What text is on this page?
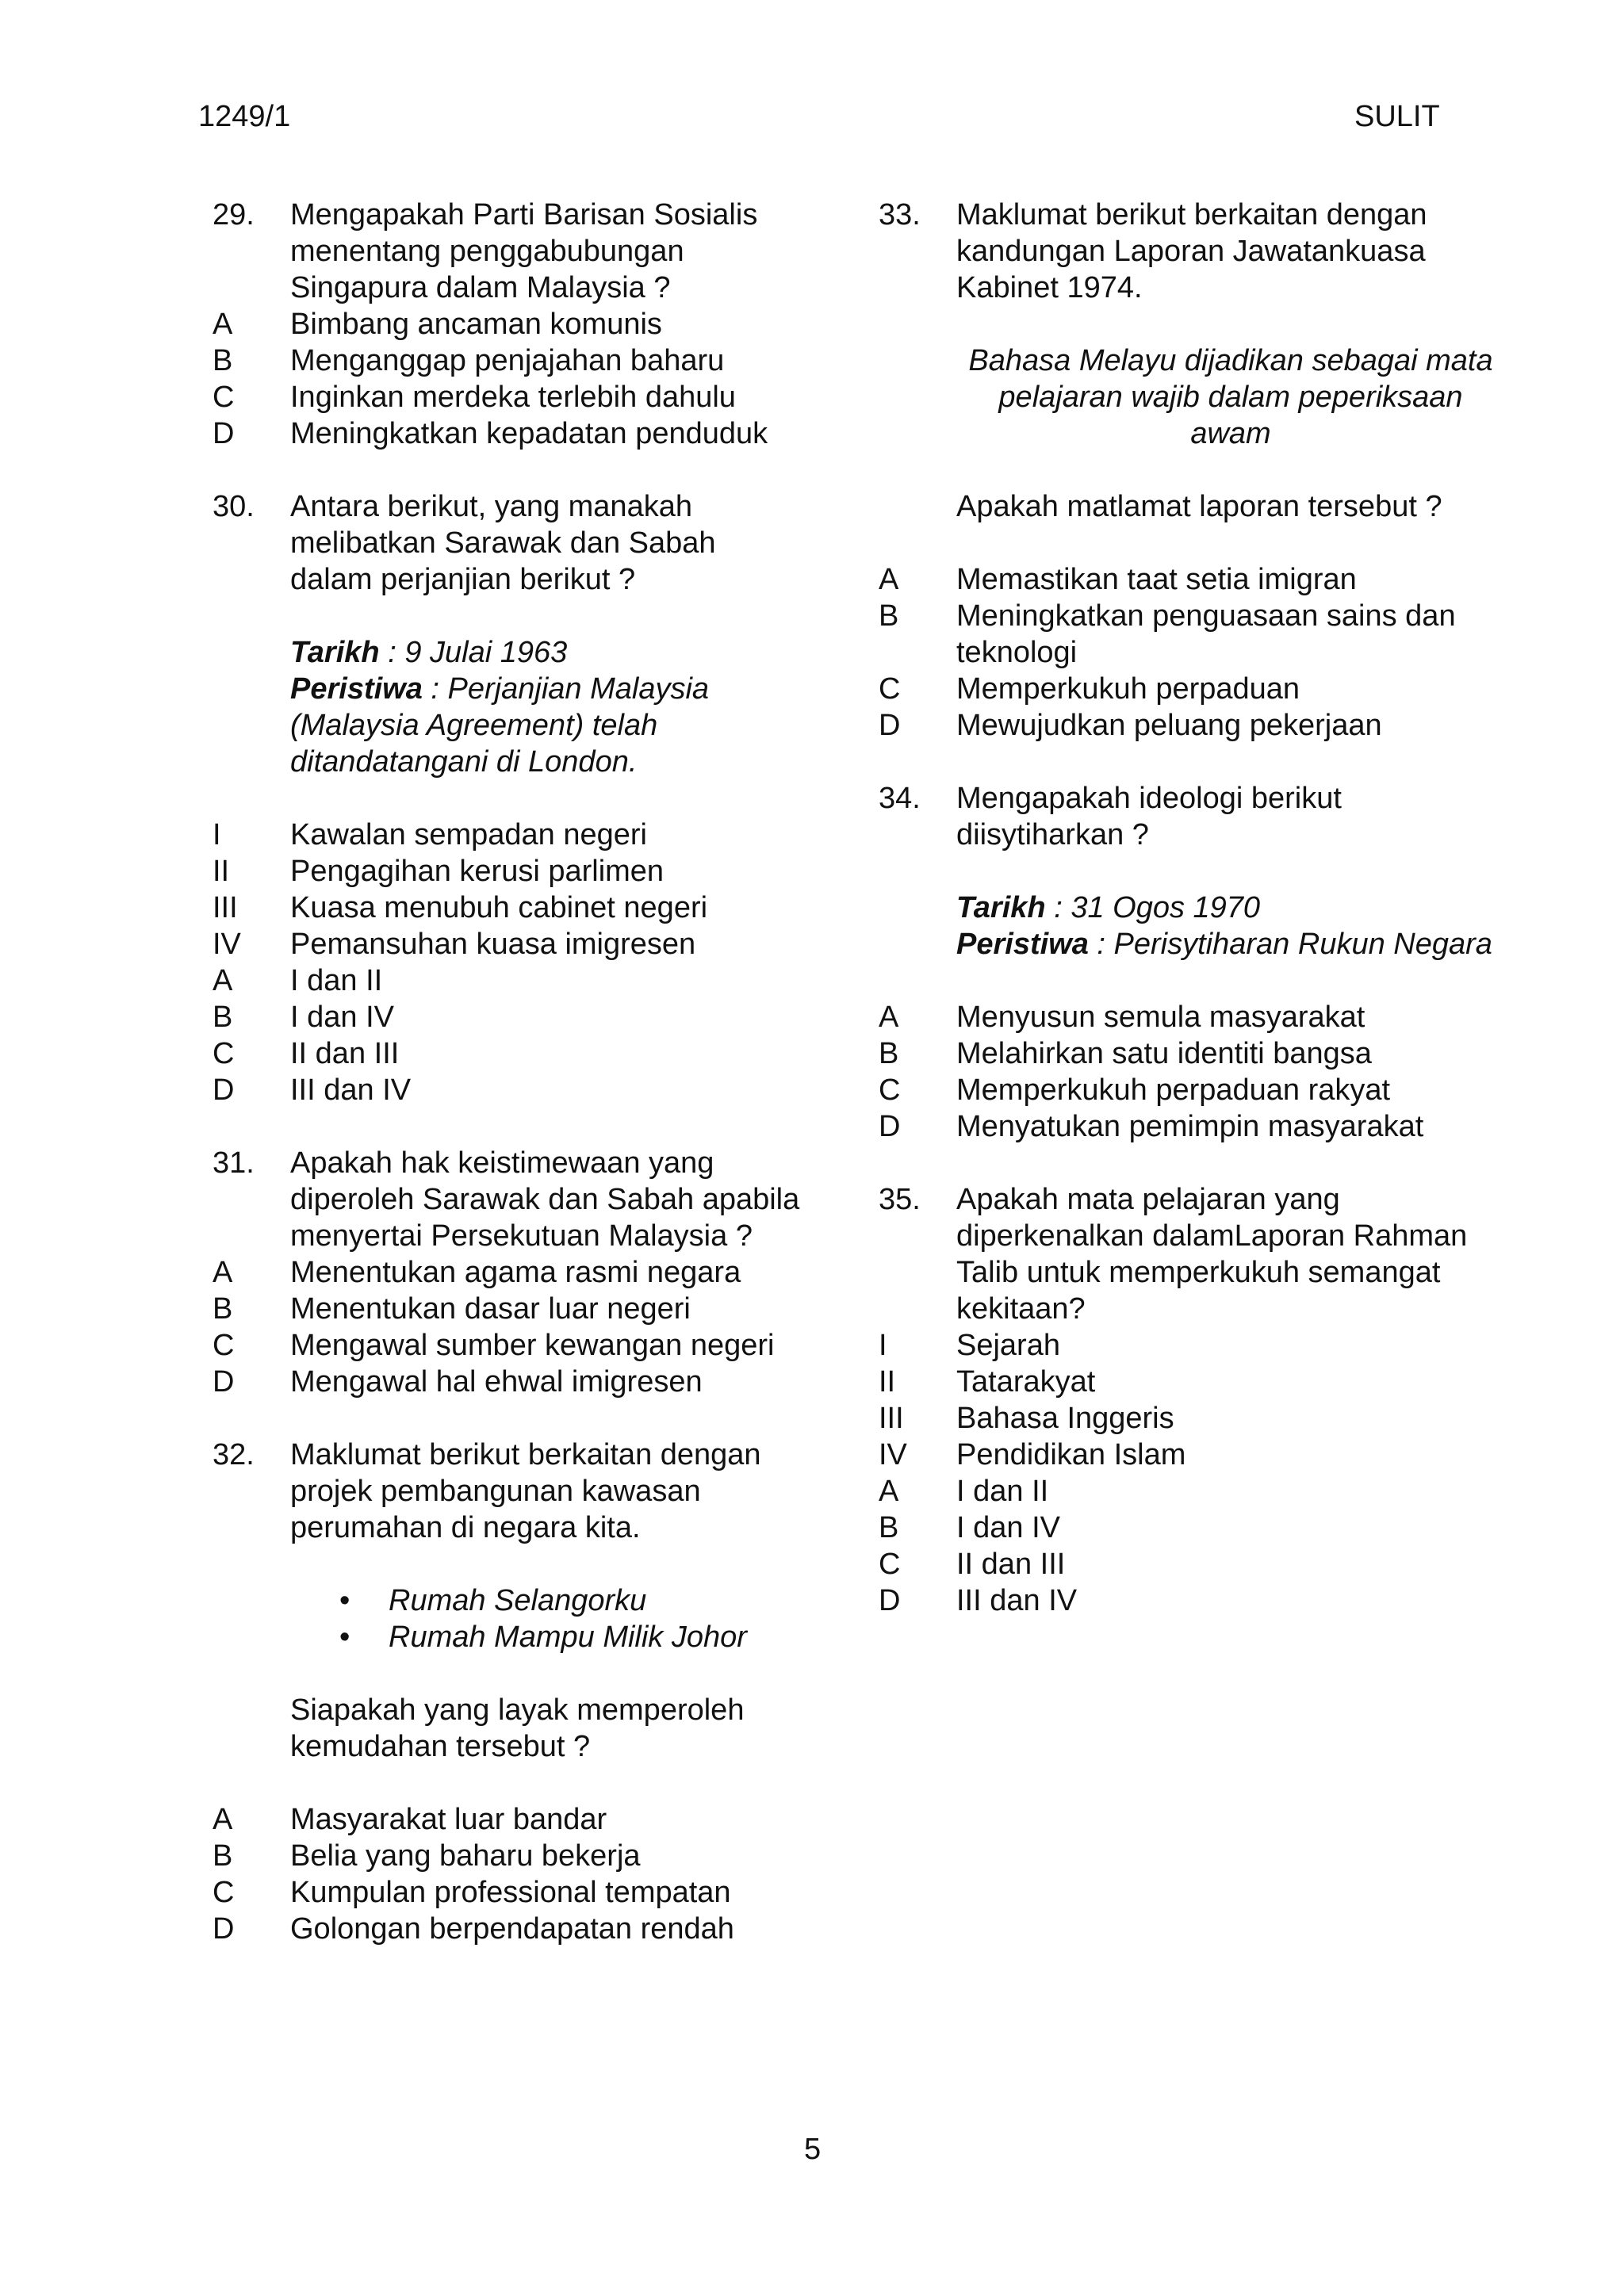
1249/1	SULIT
29.	Mengapakah Parti Barisan Sosialis
menentang penggabubungan
Singapura dalam Malaysia ?
A	Bimbang ancaman komunis
B	Menganggap penjajahan baharu
C	Inginkan merdeka terlebih dahulu
D	Meningkatkan kepadatan penduduk
30.	Antara berikut, yang manakah
melibatkan Sarawak dan Sabah
dalam perjanjian berikut ?
Tarikh : 9 Julai 1963
Peristiwa : Perjanjian Malaysia
(Malaysia Agreement) telah
ditandatangani di London.
I	Kawalan sempadan negeri
II	Pengagihan kerusi parlimen
III	Kuasa menubuh cabinet negeri
IV	Pemansuhan kuasa imigresen
A	I dan II
B	I dan IV
C	II dan III
D	III dan IV
31.	Apakah hak keistimewaan yang
diperoleh Sarawak dan Sabah apabila
menyertai Persekutuan Malaysia ?
A	Menentukan agama rasmi negara
B	Menentukan dasar luar negeri
C	Mengawal sumber kewangan negeri
D	Mengawal hal ehwal imigresen
32.	Maklumat berikut berkaitan dengan
projek pembangunan kawasan
perumahan di negara kita.
•	Rumah Selangorku
•	Rumah Mampu Milik Johor
Siapakah yang layak memperoleh
kemudahan tersebut ?
A	Masyarakat luar bandar
B	Belia yang baharu bekerja
C	Kumpulan professional tempatan
D	Golongan berpendapatan rendah
33.	Maklumat berikut berkaitan dengan
kandungan Laporan Jawatankuasa
Kabinet 1974.
Bahasa Melayu dijadikan sebagai mata
pelajaran wajib dalam peperiksaan
awam
Apakah matlamat laporan tersebut ?
A	Memastikan taat setia imigran
B	Meningkatkan penguasaan sains dan
teknologi
C	Memperkukuh perpaduan
D	Mewujudkan peluang pekerjaan
34.	Mengapakah ideologi berikut
diisytiharkan ?
Tarikh : 31 Ogos 1970
Peristiwa : Perisytiharan Rukun Negara
A	Menyusun semula masyarakat
B	Melahirkan satu identiti bangsa
C	Memperkukuh perpaduan rakyat
D	Menyatukan pemimpin masyarakat
35.	Apakah mata pelajaran yang
diperkenalkan dalamLaporan Rahman
Talib untuk memperkukuh semangat
kekitaan?
I	Sejarah
II	Tatarakyat
III	Bahasa Inggeris
IV	Pendidikan Islam
A	I dan II
B	I dan IV
C	II dan III
D	III dan IV
5
